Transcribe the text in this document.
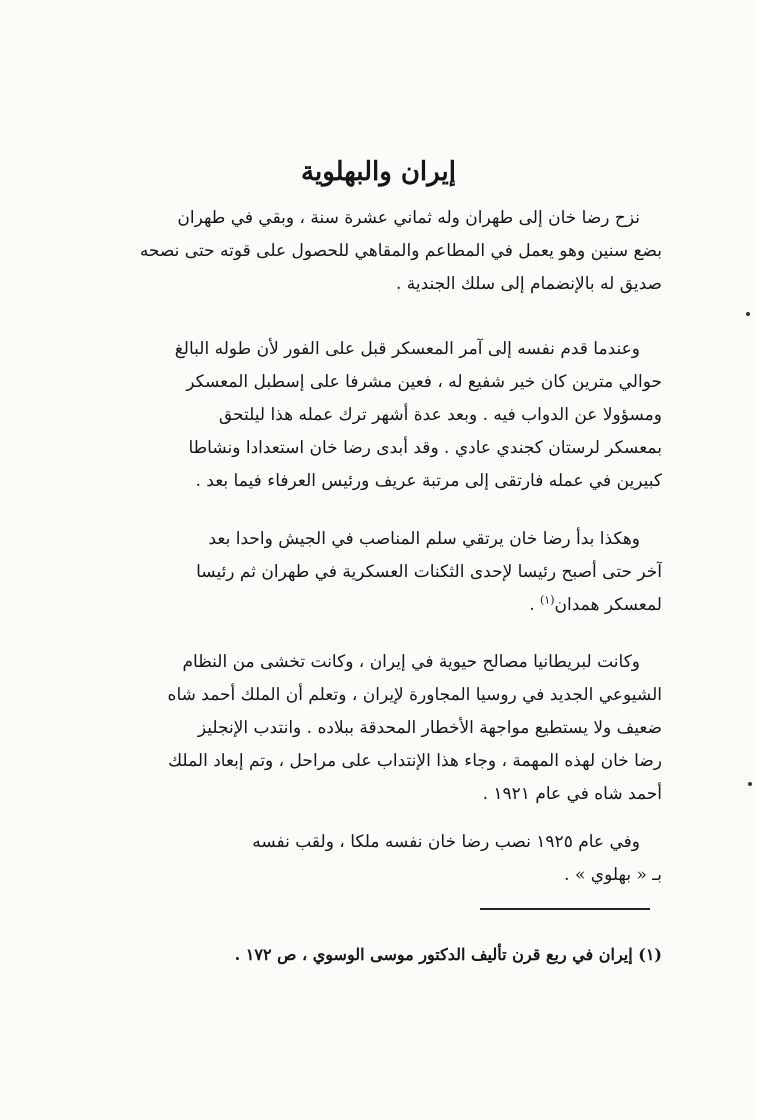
إيران والبهلوية
نزح رضا خان إلى طهران وله ثماني عشرة سنة ، وبقي في طهران
بضع سنين وهو يعمل في المطاعم والمقاهي للحصول على قوته حتى نصحه
صديق له بالإنضمام إلى سلك الجندية .
وعندما قدم نفسه إلى آمر المعسكر قبل على الفور لأن طوله البالغ
حوالي مترين كان خير شفيع له ، فعين مشرفا على إسطبل المعسكر
ومسؤولا عن الدواب فيه . وبعد عدة أشهر ترك عمله هذا ليلتحق
بمعسكر لرستان كجندي عادي . وقد أبدى رضا خان استعدادا ونشاطا
كبيرين في عمله فارتقى إلى مرتبة عريف ورئيس العرفاء فيما بعد .
وهكذا بدأ رضا خان يرتقي سلم المناصب في الجيش واحدا بعد
آخر حتى أصبح رئيسا لإحدى الثكنات العسكرية في طهران ثم رئيسا
لمعسكر همدان$^{(١)}$ .
وكانت لبريطانيا مصالح حيوية في إيران ، وكانت تخشى من النظام
الشيوعي الجديد في روسيا المجاورة لإيران ، وتعلم أن الملك أحمد شاه
ضعيف ولا يستطيع مواجهة الأخطار المحدقة ببلاده . وانتدب الإنجليز
رضا خان لهذه المهمة ، وجاء هذا الإنتداب على مراحل ، وتم إبعاد الملك
أحمد شاه في عام ١٩٢١ .
وفي عام ١٩٢٥ نصب رضا خان نفسه ملكا ، ولقب نفسه
بـ « بهلوي » .
(١) إيران في ربع قرن تأليف الدكتور موسى الوسوي ، ص ١٧٢ .
